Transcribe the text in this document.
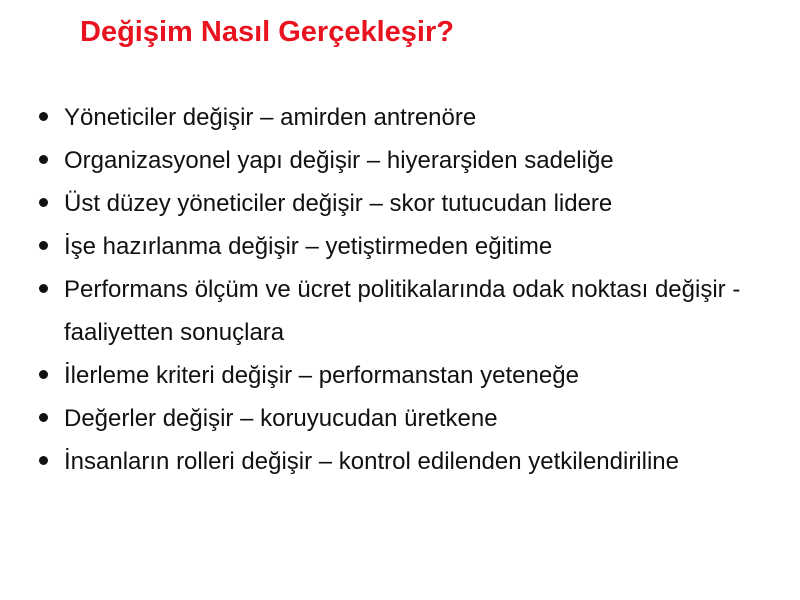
Değişim Nasıl Gerçekleşir?
Yöneticiler değişir – amirden antrenöre
Organizasyonel yapı değişir – hiyerarşiden sadeliğe
Üst düzey yöneticiler değişir – skor tutucudan lidere
İşe hazırlanma değişir – yetiştirmeden eğitime
Performans ölçüm ve ücret politikalarında odak noktası değişir - faaliyetten sonuçlara
İlerleme kriteri değişir – performanstan yeteneğe
Değerler değişir – koruyucudan üretkene
İnsanların rolleri değişir – kontrol edilenden yetkilendiriline
